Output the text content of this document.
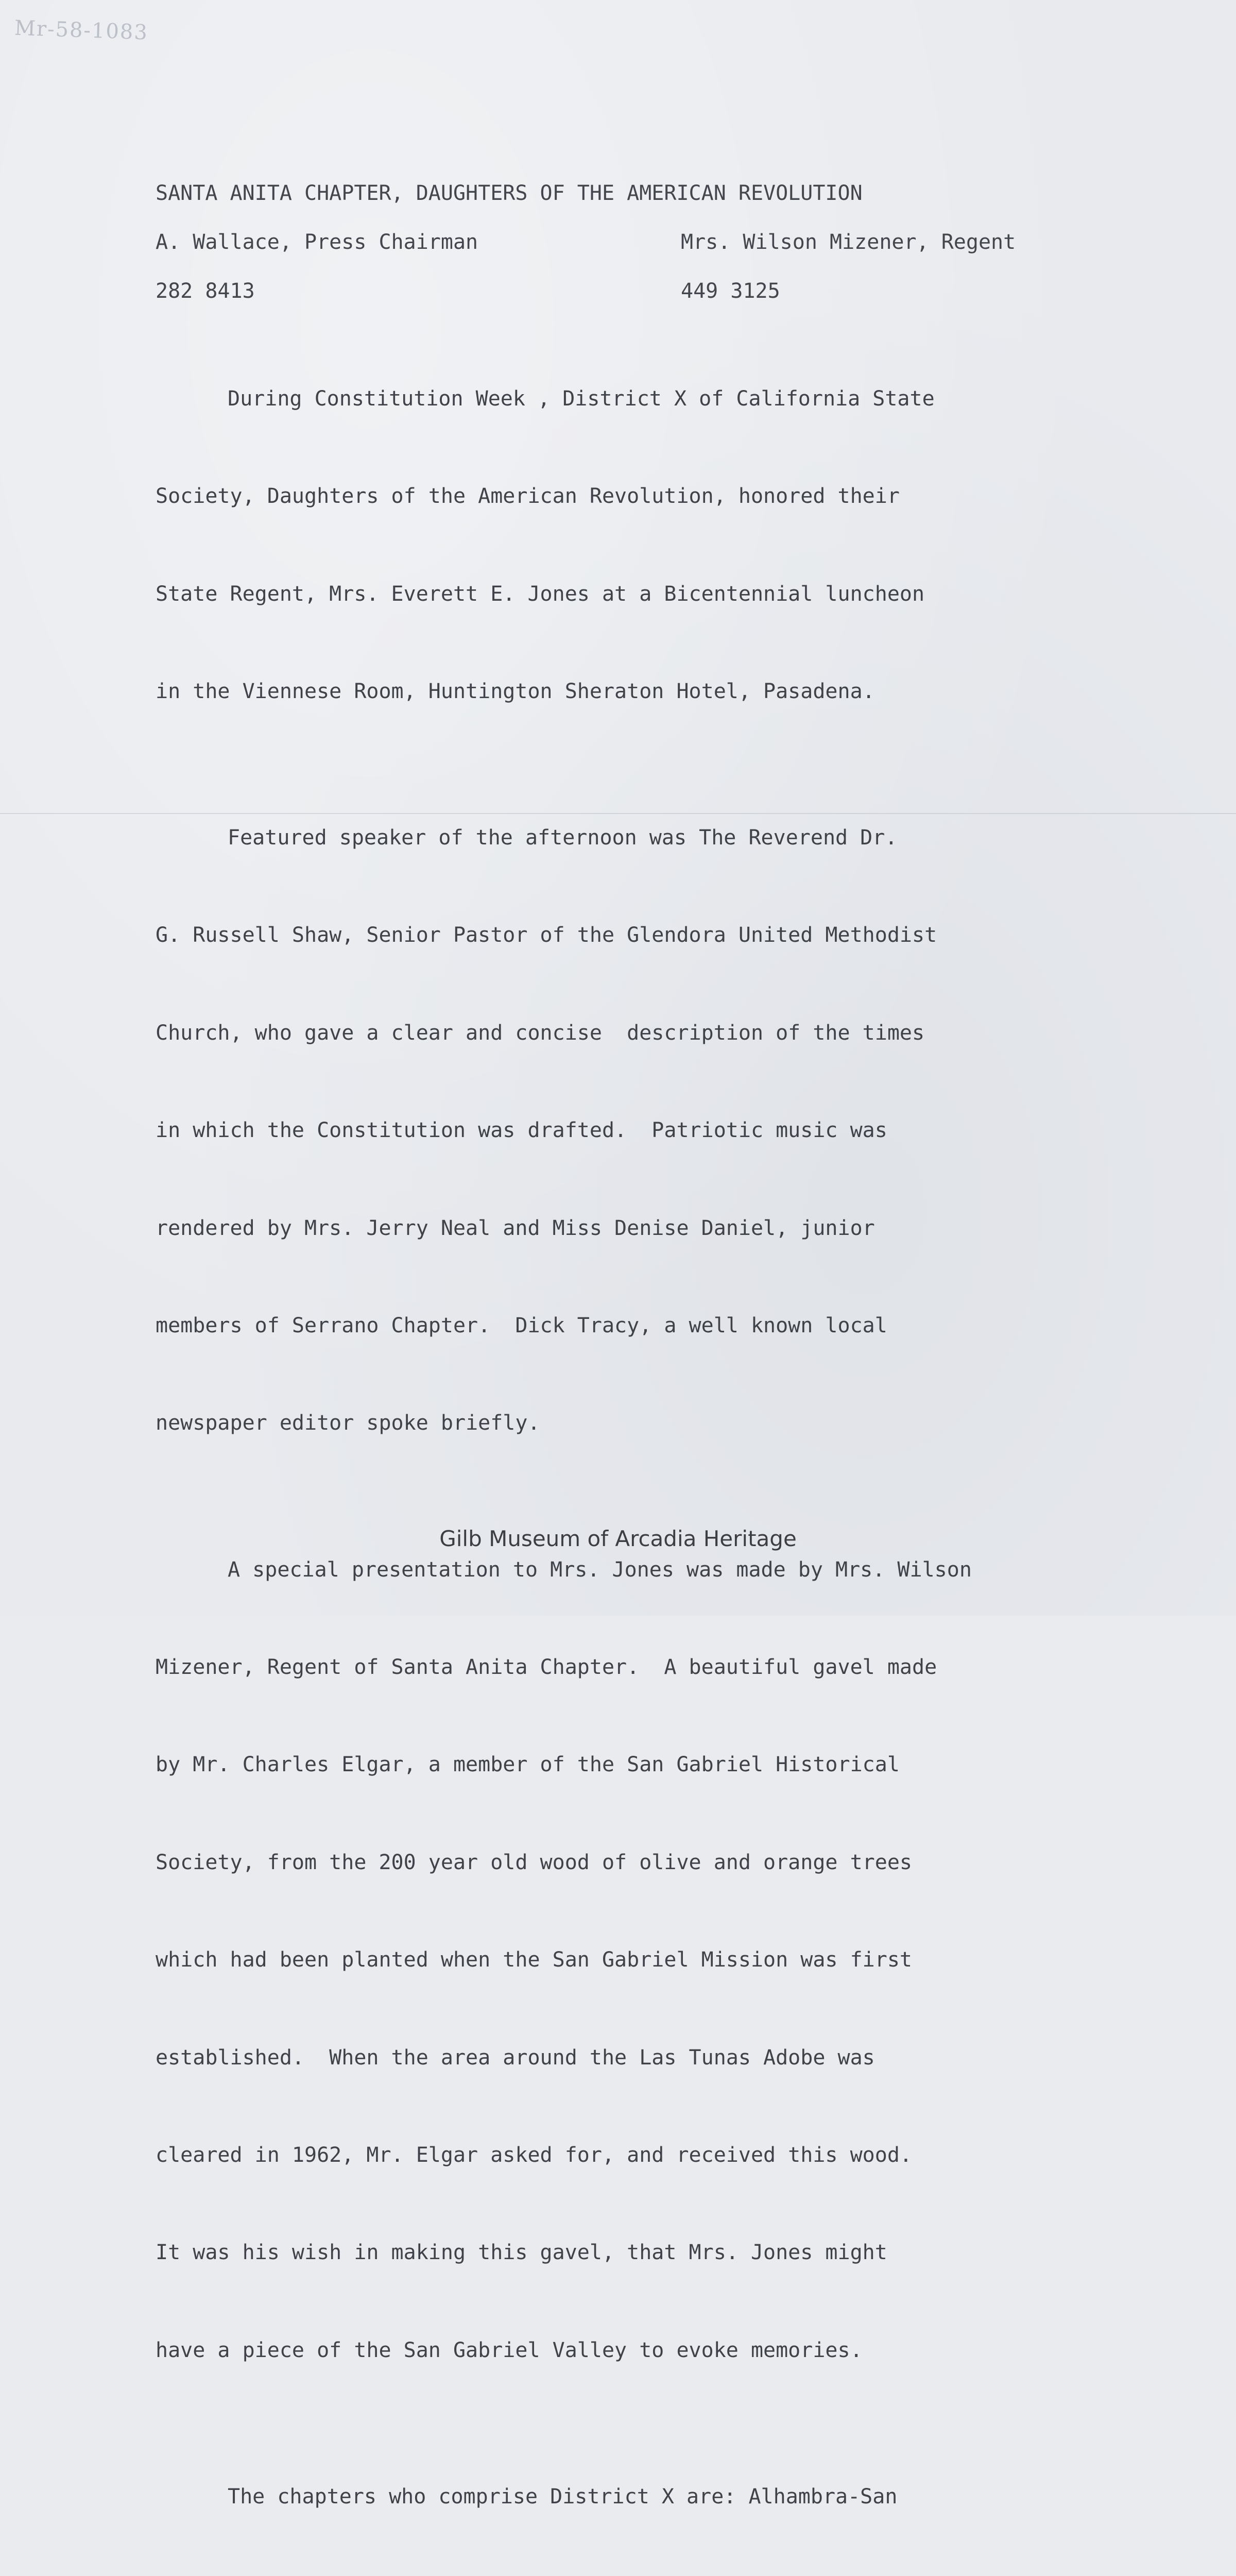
Mr-58-1083
SANTA ANITA CHAPTER, DAUGHTERS OF THE AMERICAN REVOLUTION
A. Wallace, Press Chairman	Mrs. Wilson Mizener, Regent
282 8413	449 3125

During Constitution Week , District X of California State

Society, Daughters of the American Revolution, honored their

State Regent, Mrs. Everett E. Jones at a Bicentennial luncheon

in the Viennese Room, Huntington Sheraton Hotel, Pasadena.

Featured speaker of the afternoon was The Reverend Dr.

G. Russell Shaw, Senior Pastor of the Glendora United Methodist

Church, who gave a clear and concise  description of the times

in which the Constitution was drafted.  Patriotic music was

rendered by Mrs. Jerry Neal and Miss Denise Daniel, junior

members of Serrano Chapter.  Dick Tracy, a well known local

newspaper editor spoke briefly.

A special presentation to Mrs. Jones was made by Mrs. Wilson

Mizener, Regent of Santa Anita Chapter.  A beautiful gavel made

by Mr. Charles Elgar, a member of the San Gabriel Historical

Society, from the 200 year old wood of olive and orange trees

which had been planted when the San Gabriel Mission was first

established.  When the area around the Las Tunas Adobe was

cleared in 1962, Mr. Elgar asked for, and received this wood.

It was his wish in making this gavel, that Mrs. Jones might

have a piece of the San Gabriel Valley to evoke memories.

The chapters who comprise District X are: Alhambra-San

Gilb Museum of Arcadia Heritage
